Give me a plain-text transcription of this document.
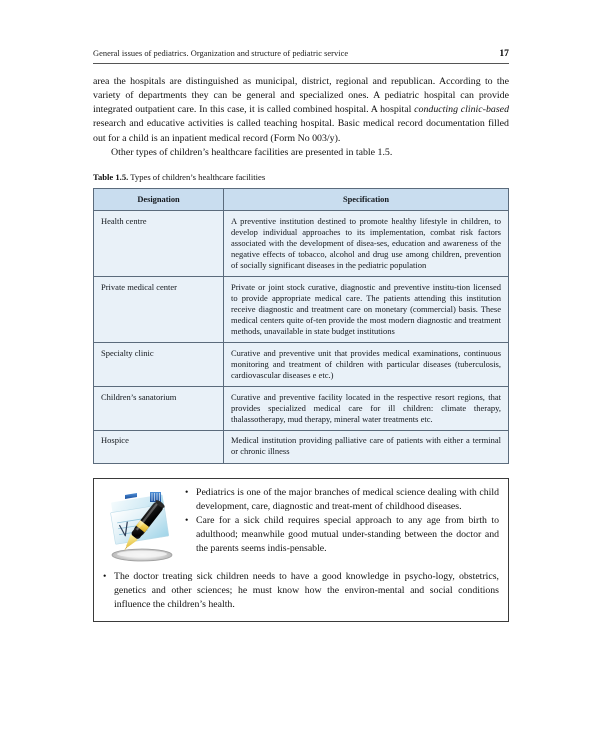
General issues of pediatrics. Organization and structure of pediatric service	17

area the hospitals are distinguished as municipal, district, regional and republican. According to the variety of departments they can be general and specialized ones. A pediatric hospital can provide integrated outpatient care. In this case, it is called combined hospital. A hospital conducting clinic-based research and educative activities is called teaching hospital. Basic medical record documentation filled out for a child is an inpatient medical record (Form No 003/y).

Other types of children’s healthcare facilities are presented in table 1.5.

Table 1.5. Types of children’s healthcare facilities
Designation	Specification
Health centre	A preventive institution destined to promote healthy lifestyle in children, to develop individual approaches to its implementation, combat risk factors associated with the development of disea-ses, education and awareness of the negative effects of tobacco, alcohol and drug use among children, prevention of socially significant diseases in the pediatric population
Private medical center	Private or joint stock curative, diagnostic and preventive institu-tion licensed to provide appropriate medical care. The patients attending this institution receive diagnostic and treatment care on monetary (commercial) basis. These medical centers quite of-ten provide the most modern diagnostic and treatment methods, unavailable in state budget institutions
Specialty clinic	Curative and preventive unit that provides medical examinations, continuous monitoring and treatment of children with particular diseases (tuberculosis, cardiovascular diseases e etc.)
Children’s sanatorium	Curative and preventive facility located in the respective resort regions, that provides specialized medical care for ill children: climate therapy, thalassotherapy, mud therapy, mineral water treatments etc.
Hospice	Medical institution providing palliative care of patients with either a terminal or chronic illness
• Pediatrics is one of the major branches of medical science dealing with child development, care, diagnostic and treat-ment of childhood diseases.
• Care for a sick child requires special approach to any age from birth to adulthood; meanwhile good mutual under-standing between the doctor and the parents seems indis-pensable.
• The doctor treating sick children needs to have a good knowledge in psycho-logy, obstetrics, genetics and other sciences; he must know how the environ-mental and social conditions influence the children’s health.
